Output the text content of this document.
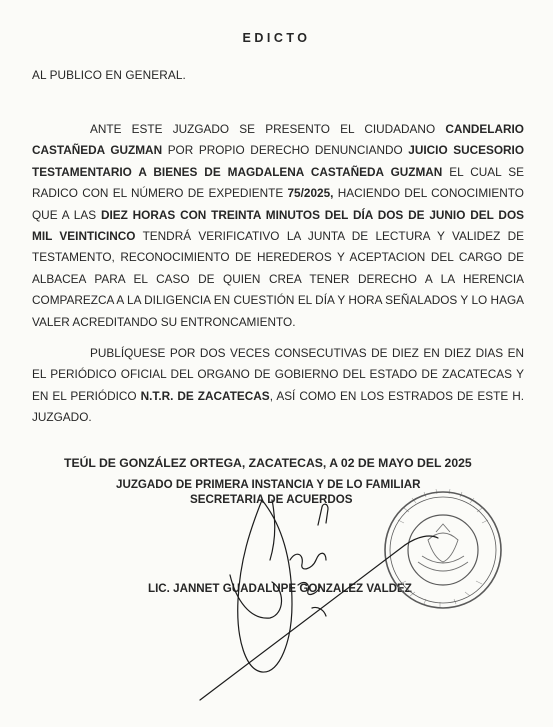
EDICTO
AL PUBLICO EN GENERAL.
ANTE ESTE JUZGADO SE PRESENTO EL CIUDADANO CANDELARIO CASTAÑEDA GUZMAN POR PROPIO DERECHO DENUNCIANDO JUICIO SUCESORIO TESTAMENTARIO A BIENES DE MAGDALENA CASTAÑEDA GUZMAN EL CUAL SE RADICO CON EL NÚMERO DE EXPEDIENTE 75/2025, HACIENDO DEL CONOCIMIENTO QUE A LAS DIEZ HORAS CON TREINTA MINUTOS DEL DÍA DOS DE JUNIO DEL DOS MIL VEINTICINCO TENDRÁ VERIFICATIVO LA JUNTA DE LECTURA Y VALIDEZ DE TESTAMENTO, RECONOCIMIENTO DE HEREDEROS Y ACEPTACION DEL CARGO DE ALBACEA PARA EL CASO DE QUIEN CREA TENER DERECHO A LA HERENCIA COMPAREZCA A LA DILIGENCIA EN CUESTIÓN EL DÍA Y HORA SEÑALADOS Y LO HAGA VALER ACREDITANDO SU ENTRONCAMIENTO.
PUBLÍQUESE POR DOS VECES CONSECUTIVAS DE DIEZ EN DIEZ DIAS EN EL PERIÓDICO OFICIAL DEL ORGANO DE GOBIERNO DEL ESTADO DE ZACATECAS Y EN EL PERIÓDICO N.T.R. DE ZACATECAS, ASÍ COMO EN LOS ESTRADOS DE ESTE H. JUZGADO.
TEÚL DE GONZÁLEZ ORTEGA, ZACATECAS, A 02 DE MAYO DEL 2025
JUZGADO DE PRIMERA INSTANCIA Y DE LO FAMILIAR
SECRETARIA DE ACUERDOS
LIC. JANNET GUADALUPE GONZALEZ VALDEZ
